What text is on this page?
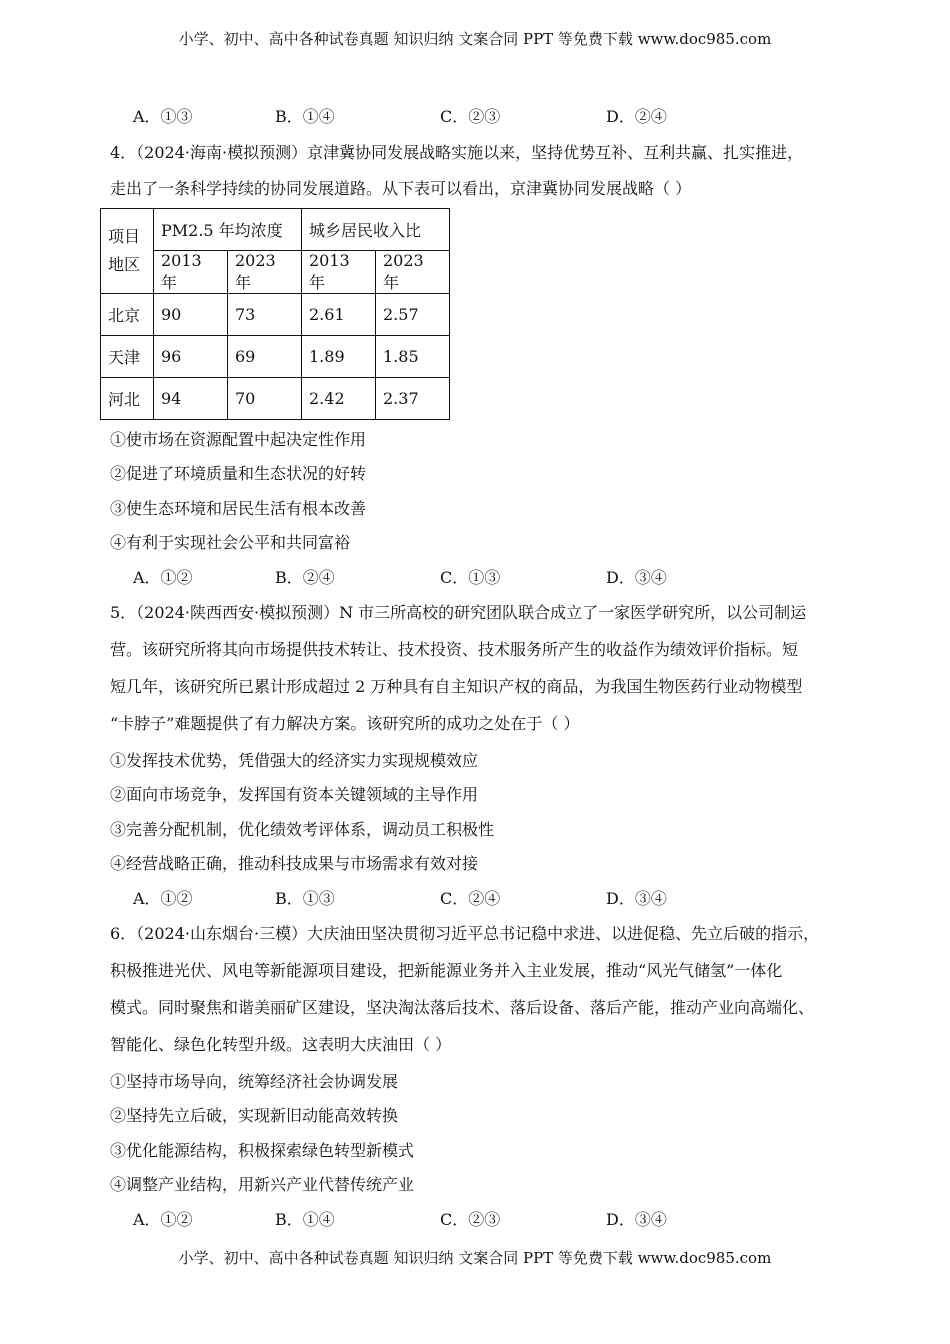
小学、初中、高中各种试卷真题 知识归纳 文案合同 PPT 等免费下载 www.doc985.com
A．①③	B．①④	C．②③	D．②④
4．（2024·海南·模拟预测）京津冀协同发展战略实施以来，坚持优势互补、互利共赢、扎实推进，
走出了一条科学持续的协同发展道路。从下表可以看出，京津冀协同发展战略（ ）
项目
地区	PM2.5 年均浓度		城乡居民收入比	
	2013 年	2023 年	2013 年	2023 年
北京	90	73	2.61	2.57
天津	96	69	1.89	1.85
河北	94	70	2.42	2.37
①使市场在资源配置中起决定性作用
②促进了环境质量和生态状况的好转
③使生态环境和居民生活有根本改善
④有利于实现社会公平和共同富裕
A．①②	B．②④	C．①③	D．③④
5．（2024·陕西西安·模拟预测）N 市三所高校的研究团队联合成立了一家医学研究所，以公司制运
营。该研究所将其向市场提供技术转让、技术投资、技术服务所产生的收益作为绩效评价指标。短
短几年，该研究所已累计形成超过 2 万种具有自主知识产权的商品，为我国生物医药行业动物模型
“卡脖子”难题提供了有力解决方案。该研究所的成功之处在于（ ）
①发挥技术优势，凭借强大的经济实力实现规模效应
②面向市场竞争，发挥国有资本关键领域的主导作用
③完善分配机制，优化绩效考评体系，调动员工积极性
④经营战略正确，推动科技成果与市场需求有效对接
A．①②	B．①③	C．②④	D．③④
6．（2024·山东烟台·三模）大庆油田坚决贯彻习近平总书记稳中求进、以进促稳、先立后破的指示，
积极推进光伏、风电等新能源项目建设，把新能源业务并入主业发展，推动“风光气储氢”一体化
模式。同时聚焦和谐美丽矿区建设，坚决淘汰落后技术、落后设备、落后产能，推动产业向高端化、
智能化、绿色化转型升级。这表明大庆油田（ ）
①坚持市场导向，统筹经济社会协调发展
②坚持先立后破，实现新旧动能高效转换
③优化能源结构，积极探索绿色转型新模式
④调整产业结构，用新兴产业代替传统产业
A．①②	B．①④	C．②③	D．③④
小学、初中、高中各种试卷真题 知识归纳 文案合同 PPT 等免费下载 www.doc985.com
